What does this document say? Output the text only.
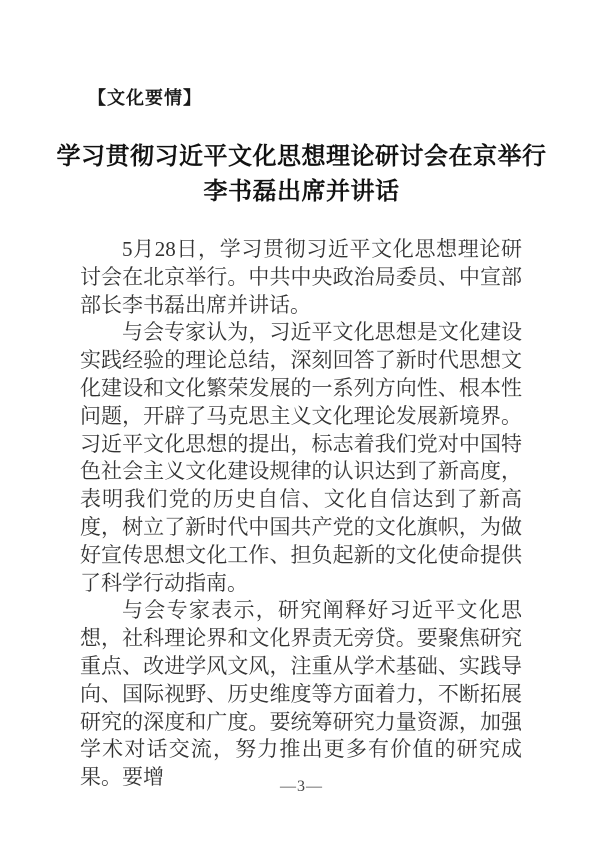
【文化要情】
学习贯彻习近平文化思想理论研讨会在京举行
李书磊出席并讲话

5月28日，学习贯彻习近平文化思想理论研讨会在北京举行。中共中央政治局委员、中宣部部长李书磊出席并讲话。

与会专家认为，习近平文化思想是文化建设实践经验的理论总结，深刻回答了新时代思想文化建设和文化繁荣发展的一系列方向性、根本性问题，开辟了马克思主义文化理论发展新境界。习近平文化思想的提出，标志着我们党对中国特色社会主义文化建设规律的认识达到了新高度，表明我们党的历史自信、文化自信达到了新高度，树立了新时代中国共产党的文化旗帜，为做好宣传思想文化工作、担负起新的文化使命提供了科学行动指南。

与会专家表示，研究阐释好习近平文化思想，社科理论界和文化界责无旁贷。要聚焦研究重点、改进学风文风，注重从学术基础、实践导向、国际视野、历史维度等方面着力，不断拓展研究的深度和广度。要统筹研究力量资源，加强学术对话交流，努力推出更多有价值的研究成果。要增	—3—
